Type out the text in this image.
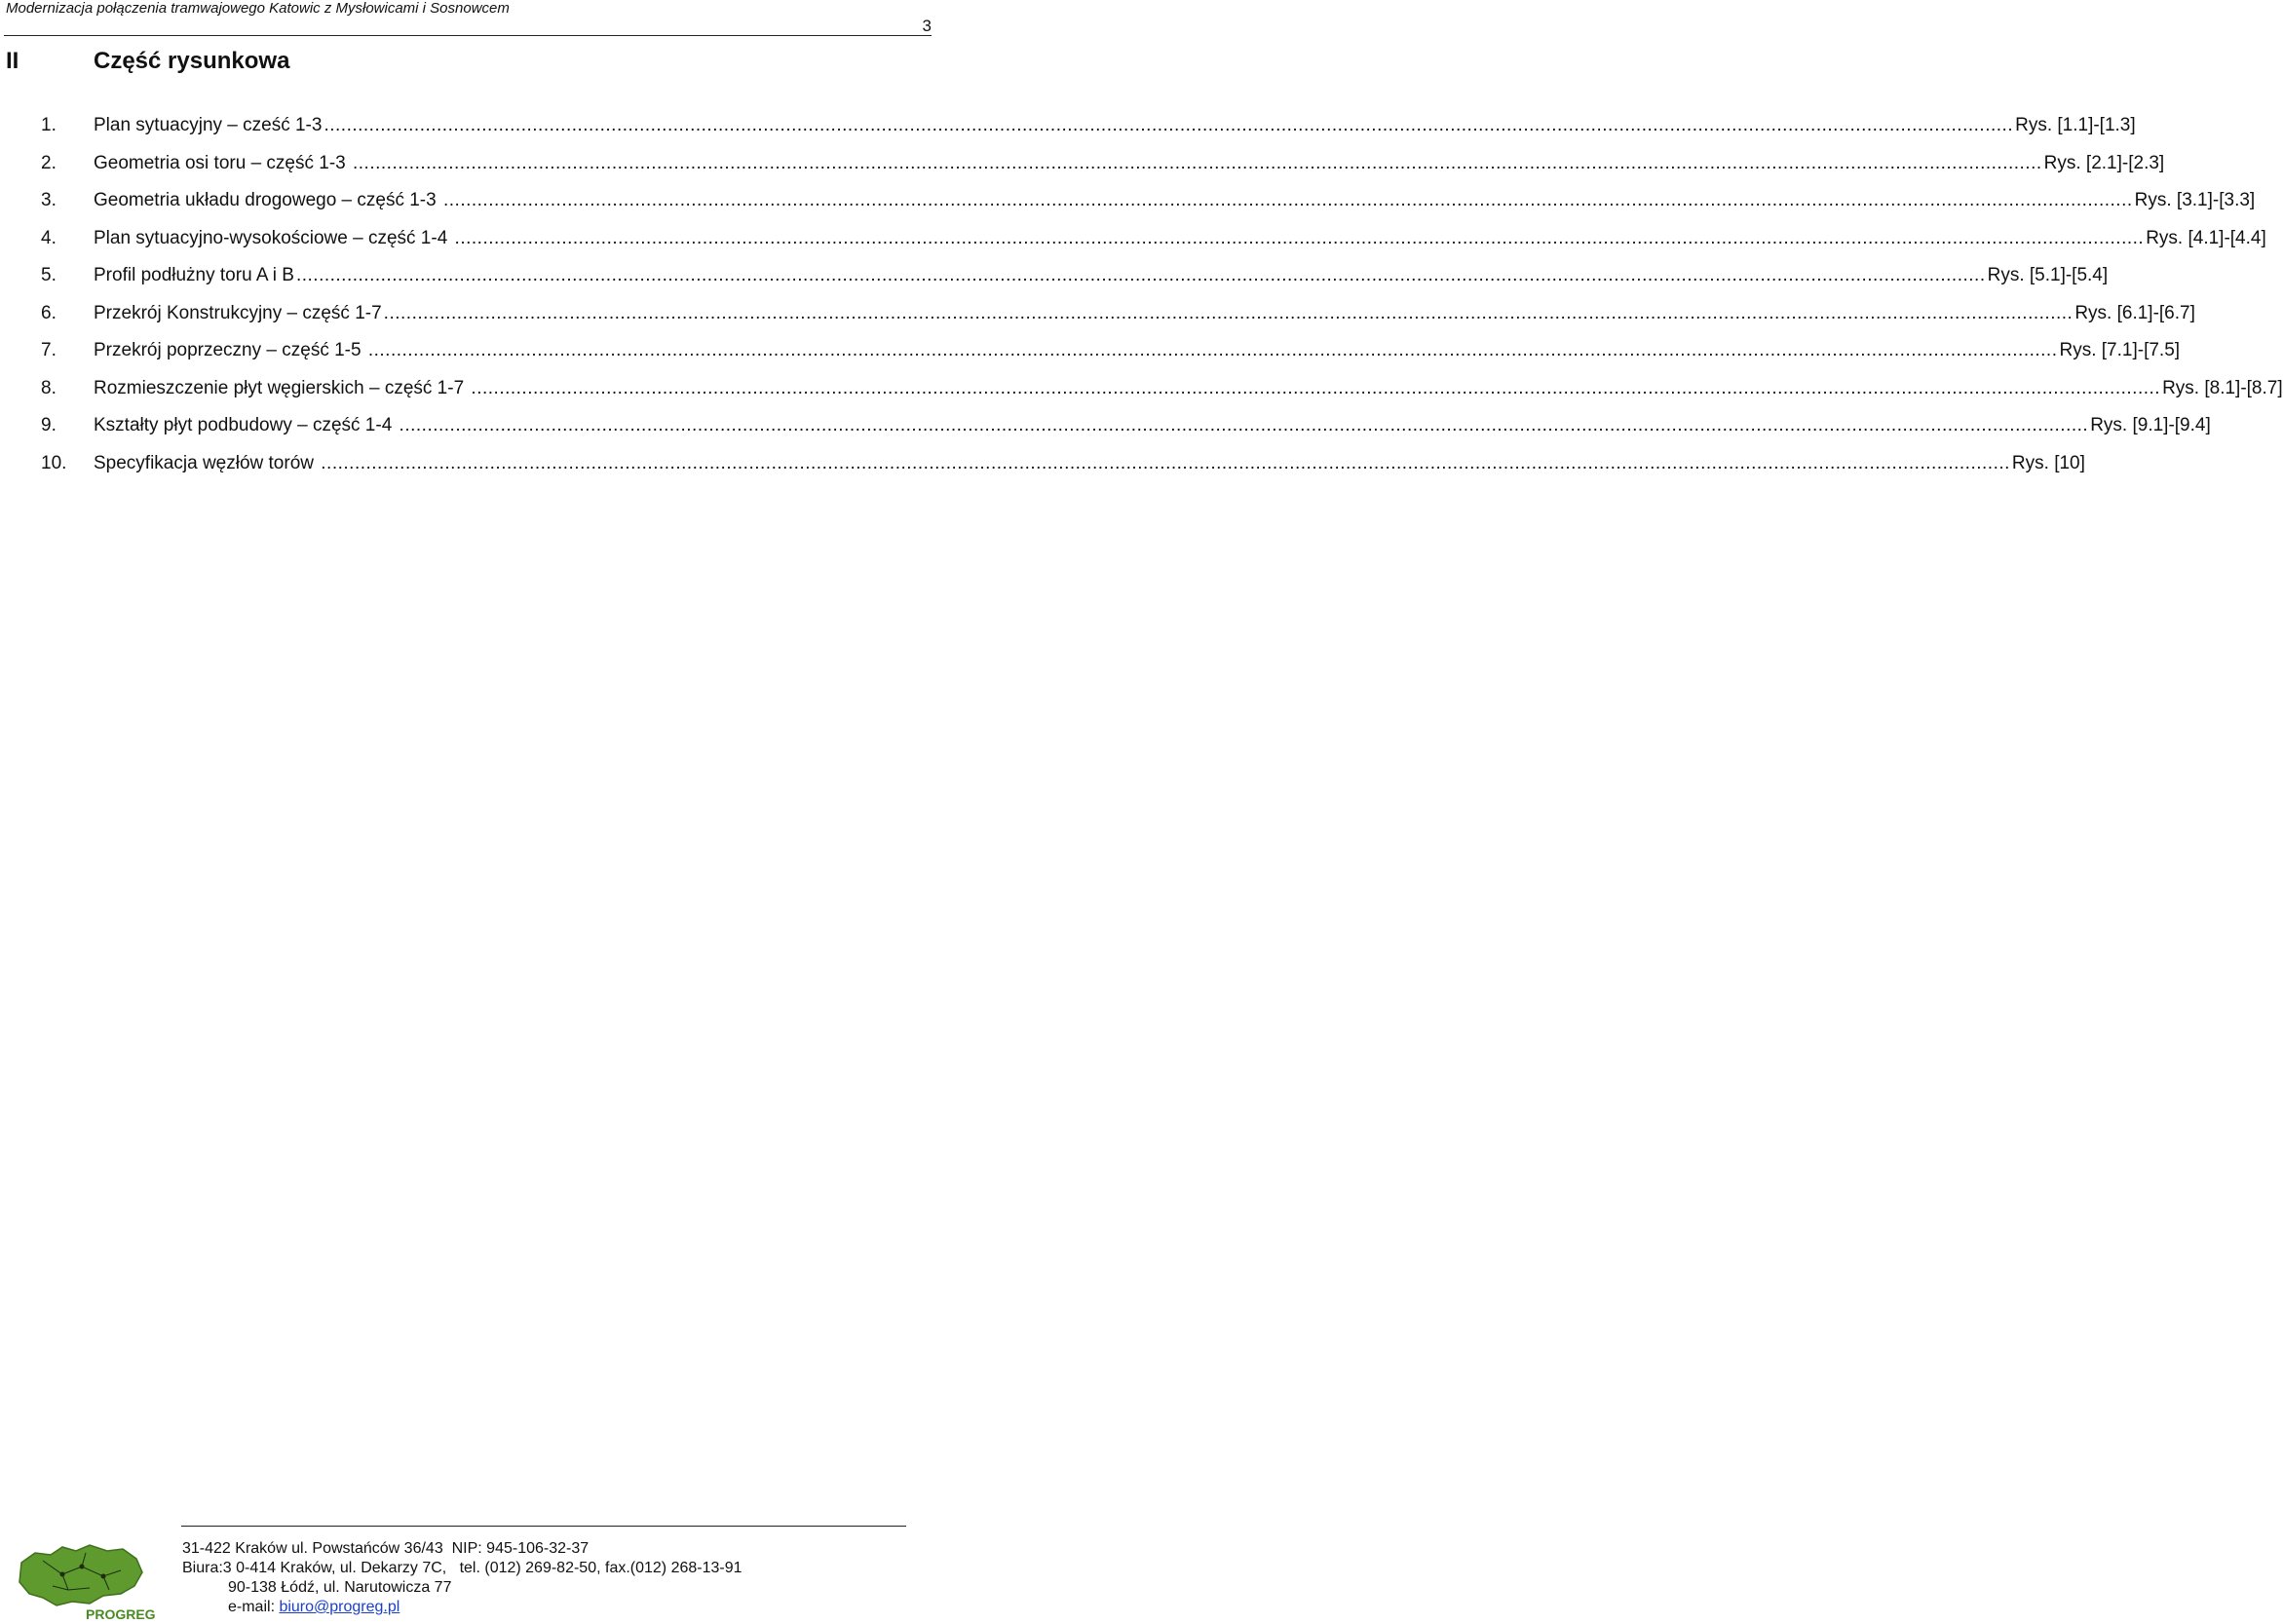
Modernizacja połączenia tramwajowego Katowic z Mysłowicami i Sosnowcem
3
II	Część rysunkowa
1. Plan sytuacyjny – cześć 1-3 ............................................................................................................................................................................................................................................................................................................ Rys. [1.1]-[1.3]
2. Geometria osi toru – część 1-3 ............................................................................................................................................................................................................................................................................................................ Rys. [2.1]-[2.3]
3. Geometria układu drogowego – część 1-3 ............................................................................................................................................................................................................................................................................................................ Rys. [3.1]-[3.3]
4. Plan sytuacyjno-wysokościowe – część 1-4 ............................................................................................................................................................................................................................................................................................................ Rys. [4.1]-[4.4]
5. Profil podłużny toru A i B ............................................................................................................................................................................................................................................................................................................ Rys. [5.1]-[5.4]
6. Przekrój Konstrukcyjny – część 1-7 ............................................................................................................................................................................................................................................................................................................ Rys. [6.1]-[6.7]
7. Przekrój poprzeczny – część 1-5 ............................................................................................................................................................................................................................................................................................................ Rys. [7.1]-[7.5]
8. Rozmieszczenie płyt węgierskich – część 1-7 ............................................................................................................................................................................................................................................................................................................ Rys. [8.1]-[8.7]
9. Kształty płyt podbudowy – część 1-4 ............................................................................................................................................................................................................................................................................................................ Rys. [9.1]-[9.4]
10. Specyfikacja węzłów torów ............................................................................................................................................................................................................................................................................................................ Rys. [10]
PROGREG
31-422 Kraków ul. Powstańców 36/43  NIP: 945-106-32-37
Biura:3 0-414 Kraków, ul. Dekarzy 7C,   tel. (012) 269-82-50, fax.(012) 268-13-91
90-138 Łódź, ul. Narutowicza 77
e-mail: biuro@progreg.pl
